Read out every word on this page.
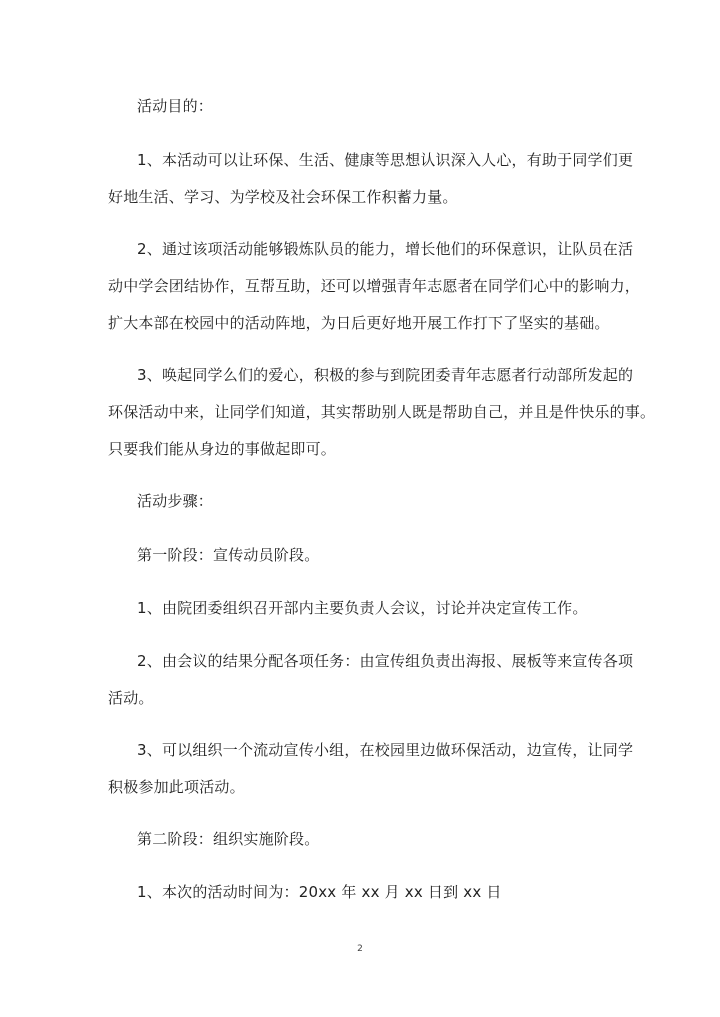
活动目的：
1、本活动可以让环保、生活、健康等思想认识深入人心，有助于同学们更
好地生活、学习、为学校及社会环保工作积蓄力量。
2、通过该项活动能够锻炼队员的能力，增长他们的环保意识，让队员在活
动中学会团结协作，互帮互助，还可以增强青年志愿者在同学们心中的影响力，
扩大本部在校园中的活动阵地，为日后更好地开展工作打下了坚实的基础。
3、唤起同学么们的爱心，积极的参与到院团委青年志愿者行动部所发起的
环保活动中来，让同学们知道，其实帮助别人既是帮助自己，并且是件快乐的事。
只要我们能从身边的事做起即可。
活动步骤：
第一阶段：宣传动员阶段。
1、由院团委组织召开部内主要负责人会议，讨论并决定宣传工作。
2、由会议的结果分配各项任务：由宣传组负责出海报、展板等来宣传各项
活动。
3、可以组织一个流动宣传小组，在校园里边做环保活动，边宣传，让同学
积极参加此项活动。
第二阶段：组织实施阶段。
1、本次的活动时间为：20xx 年 xx 月 xx 日到 xx 日
2
